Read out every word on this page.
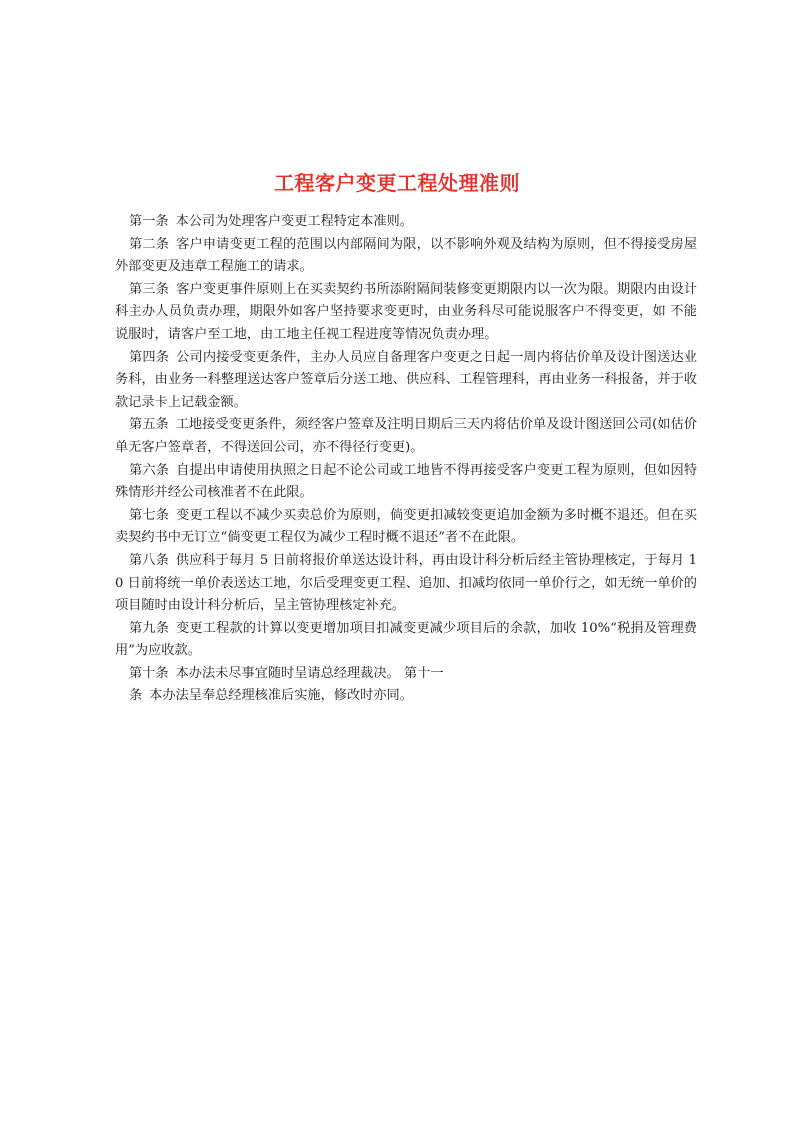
工程客户变更工程处理准则

第一条 本公司为处理客户变更工程特定本准则。

第二条 客户申请变更工程的范围以内部隔间为限，以不影响外观及结构为原则，但不得接受房屋外部变更及违章工程施工的请求。

第三条 客户变更事件原则上在买卖契约书所添附隔间装修变更期限内以一次为限。期限内由设计科主办人员负责办理，期限外如客户坚持要求变更时，由业务科尽可能说服客户不得变更，如 不能说服时，请客户至工地，由工地主任视工程进度等情况负责办理。

第四条 公司内接受变更条件，主办人员应自备理客户变更之日起一周内将估价单及设计图送达业务科，由业务一科整理送达客户签章后分送工地、供应科、工程管理科，再由业务一科报备，并于收款记录卡上记载金额。

第五条 工地接受变更条件，须经客户签章及注明日期后三天内将估价单及设计图送回公司(如估价单无客户签章者，不得送回公司，亦不得径行变更)。

第六条 自提出申请使用执照之日起不论公司或工地皆不得再接受客户变更工程为原则，但如因特殊情形并经公司核准者不在此限。

第七条 变更工程以不减少买卖总价为原则，倘变更扣减较变更追加金额为多时概不退还。但在买卖契约书中无订立“倘变更工程仅为减少工程时概不退还”者不在此限。

第八条 供应科于每月 5 日前将报价单送达设计科，再由设计科分析后经主管协理核定，于每月 10 日前将统一单价表送达工地，尔后受理变更工程、追加、扣减均依同一单价行之，如无统一单价的项目随时由设计科分析后，呈主管协理核定补充。

第九条 变更工程款的计算以变更增加项目扣减变更减少项目后的余款，加收 10%“税捐及管理费用”为应收款。

第十条 本办法未尽事宜随时呈请总经理裁决。 第十一

条 本办法呈奉总经理核准后实施，修改时亦同。
